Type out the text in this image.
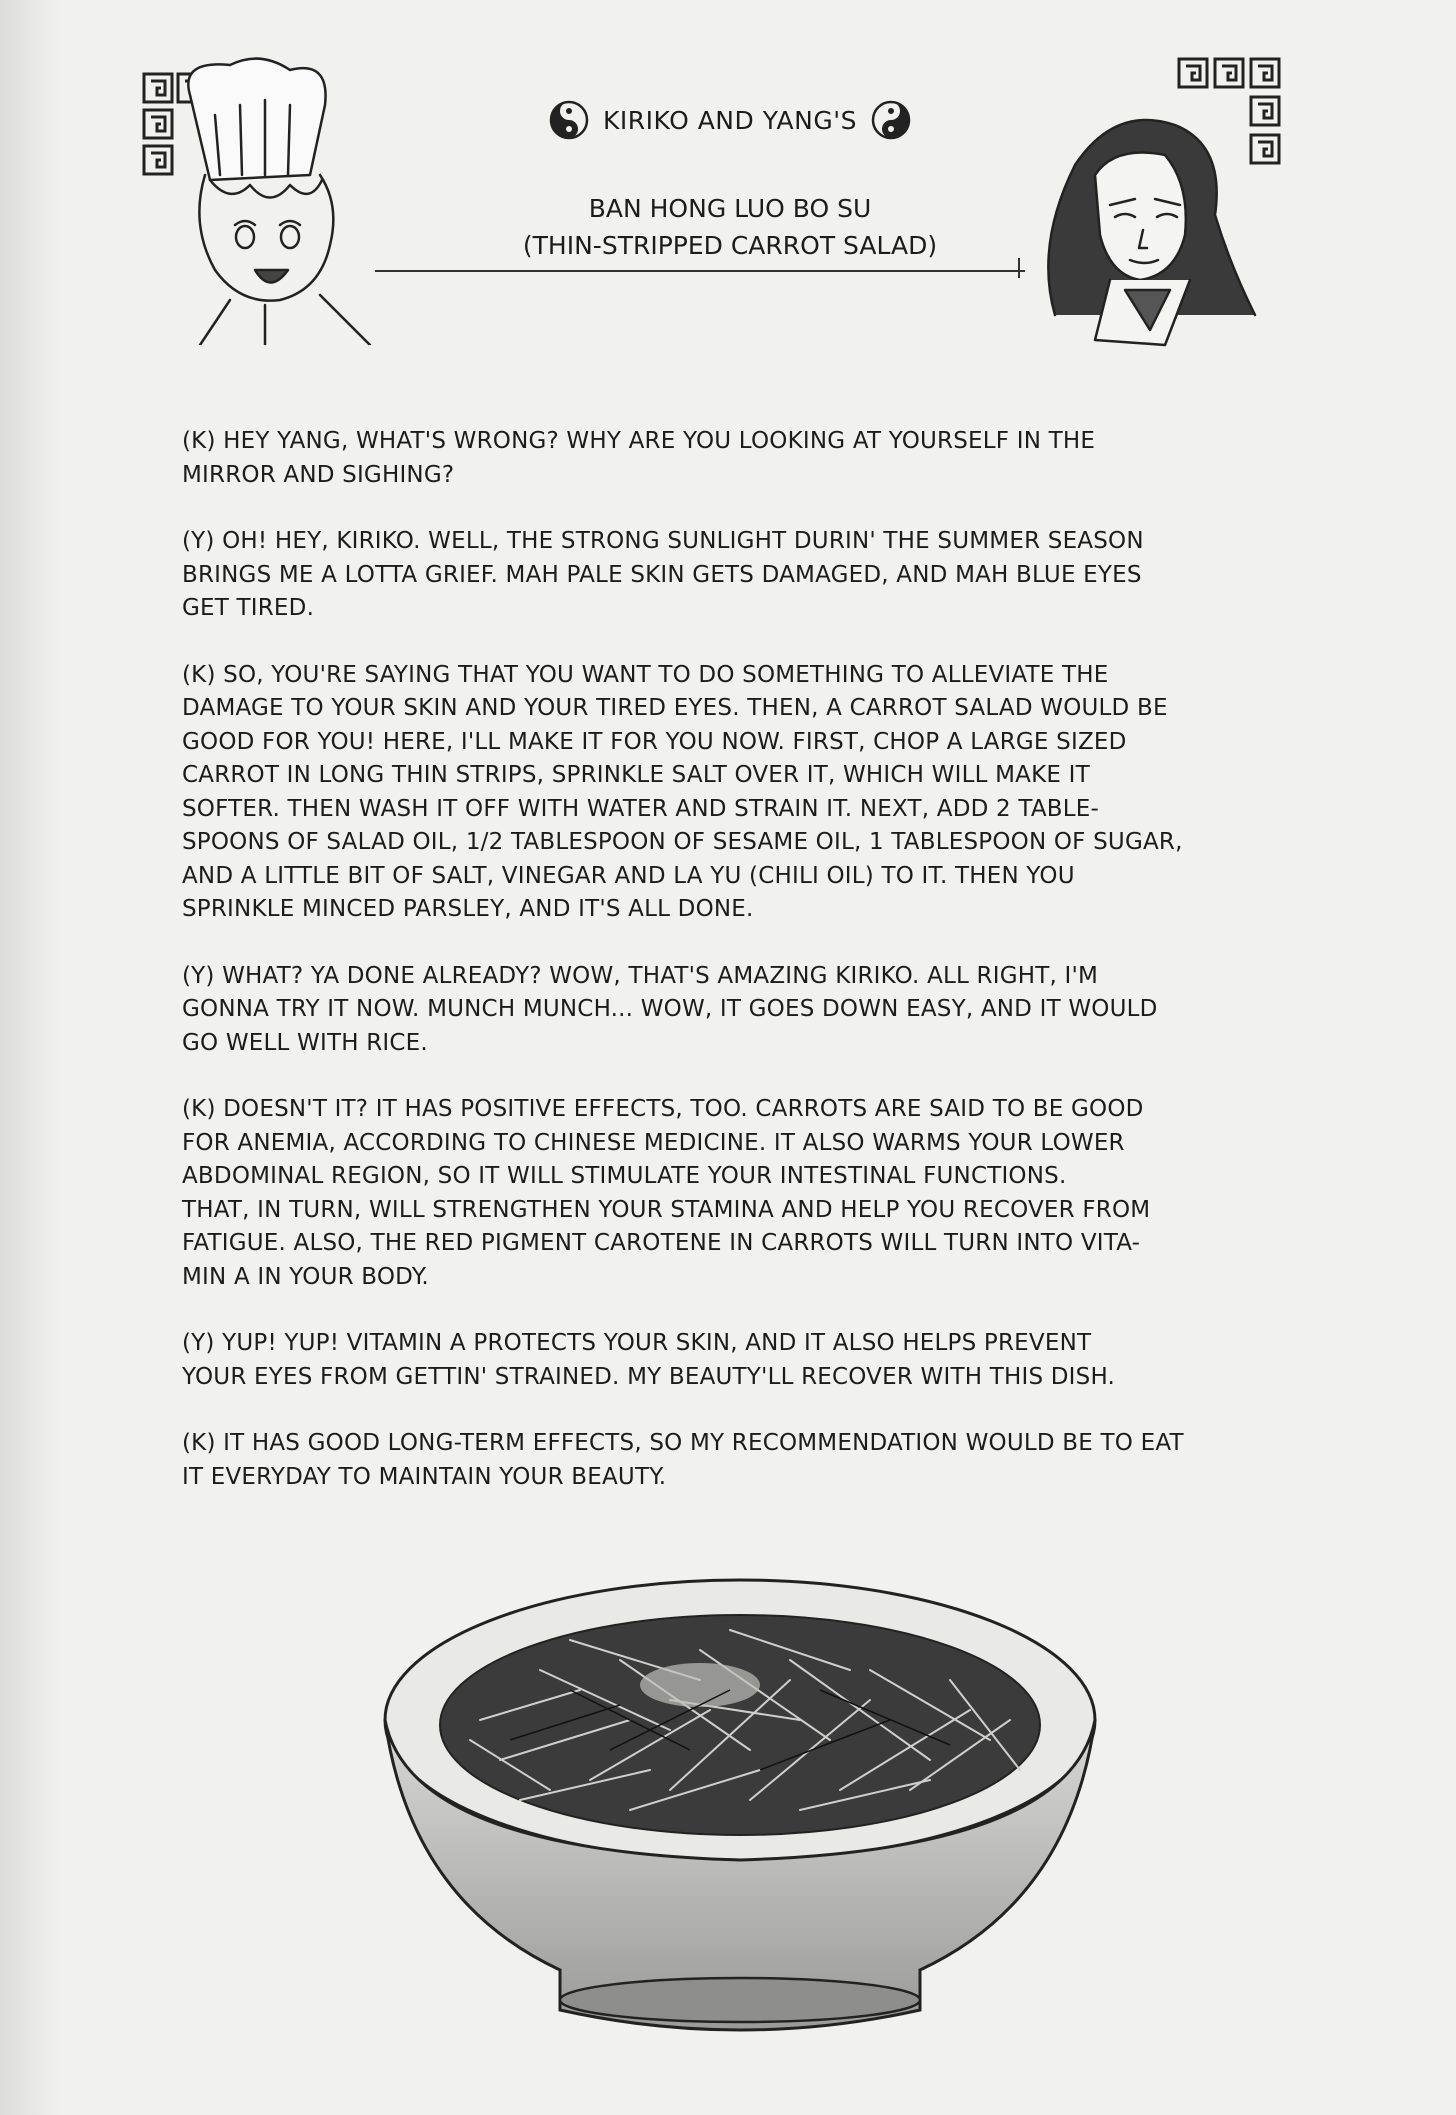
KIRIKO AND YANG'S
BAN HONG LUO BO SU
(THIN-STRIPPED CARROT SALAD)

(K) HEY YANG, WHAT'S WRONG? WHY ARE YOU LOOKING AT YOURSELF IN THE
MIRROR AND SIGHING?

(Y) OH! HEY, KIRIKO. WELL, THE STRONG SUNLIGHT DURIN' THE SUMMER SEASON
BRINGS ME A LOTTA GRIEF. MAH PALE SKIN GETS DAMAGED, AND MAH BLUE EYES
GET TIRED.

(K) SO, YOU'RE SAYING THAT YOU WANT TO DO SOMETHING TO ALLEVIATE THE
DAMAGE TO YOUR SKIN AND YOUR TIRED EYES. THEN, A CARROT SALAD WOULD BE
GOOD FOR YOU! HERE, I'LL MAKE IT FOR YOU NOW. FIRST, CHOP A LARGE SIZED
CARROT IN LONG THIN STRIPS, SPRINKLE SALT OVER IT, WHICH WILL MAKE IT
SOFTER. THEN WASH IT OFF WITH WATER AND STRAIN IT. NEXT, ADD 2 TABLE-
SPOONS OF SALAD OIL, 1/2 TABLESPOON OF SESAME OIL, 1 TABLESPOON OF SUGAR,
AND A LITTLE BIT OF SALT, VINEGAR AND LA YU (CHILI OIL) TO IT. THEN YOU
SPRINKLE MINCED PARSLEY, AND IT'S ALL DONE.

(Y) WHAT? YA DONE ALREADY? WOW, THAT'S AMAZING KIRIKO. ALL RIGHT, I'M
GONNA TRY IT NOW. MUNCH MUNCH... WOW, IT GOES DOWN EASY, AND IT WOULD
GO WELL WITH RICE.

(K) DOESN'T IT? IT HAS POSITIVE EFFECTS, TOO. CARROTS ARE SAID TO BE GOOD
FOR ANEMIA, ACCORDING TO CHINESE MEDICINE. IT ALSO WARMS YOUR LOWER
ABDOMINAL REGION, SO IT WILL STIMULATE YOUR INTESTINAL FUNCTIONS.
THAT, IN TURN, WILL STRENGTHEN YOUR STAMINA AND HELP YOU RECOVER FROM
FATIGUE. ALSO, THE RED PIGMENT CAROTENE IN CARROTS WILL TURN INTO VITA-
MIN A IN YOUR BODY.

(Y) YUP! YUP! VITAMIN A PROTECTS YOUR SKIN, AND IT ALSO HELPS PREVENT
YOUR EYES FROM GETTIN' STRAINED. MY BEAUTY'LL RECOVER WITH THIS DISH.

(K) IT HAS GOOD LONG-TERM EFFECTS, SO MY RECOMMENDATION WOULD BE TO EAT
IT EVERYDAY TO MAINTAIN YOUR BEAUTY.
